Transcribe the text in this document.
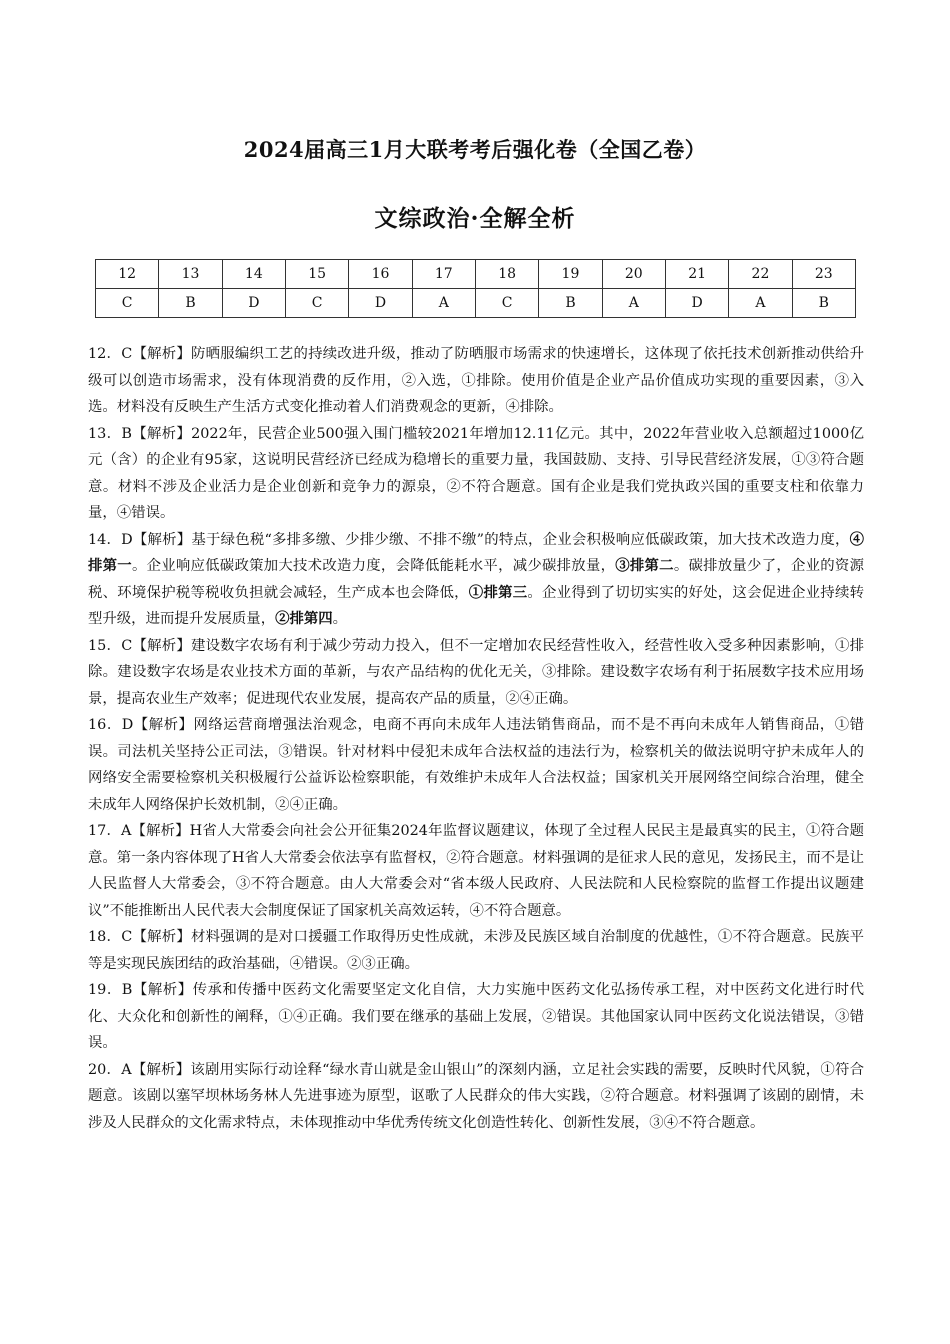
2024届高三1月大联考考后强化卷（全国乙卷）
文综政治·全解全析
12	13	14	15	16	17	18	19	20	21	22	23
C	B	D	C	D	A	C	B	A	D	A	B

12．C【解析】防晒服编织工艺的持续改进升级，推动了防晒服市场需求的快速增长，这体现了依托技术创新推动供给升级可以创造市场需求，没有体现消费的反作用，②入选，①排除。使用价值是企业产品价值成功实现的重要因素，③入选。材料没有反映生产生活方式变化推动着人们消费观念的更新，④排除。

13．B【解析】2022年，民营企业500强入围门槛较2021年增加12.11亿元。其中，2022年营业收入总额超过1000亿元（含）的企业有95家，这说明民营经济已经成为稳增长的重要力量，我国鼓励、支持、引导民营经济发展，①③符合题意。材料不涉及企业活力是企业创新和竞争力的源泉，②不符合题意。国有企业是我们党执政兴国的重要支柱和依靠力量，④错误。

14．D【解析】基于绿色税“多排多缴、少排少缴、不排不缴”的特点，企业会积极响应低碳政策，加大技术改造力度，④排第一。企业响应低碳政策加大技术改造力度，会降低能耗水平，减少碳排放量，③排第二。碳排放量少了，企业的资源税、环境保护税等税收负担就会减轻，生产成本也会降低，①排第三。企业得到了切切实实的好处，这会促进企业持续转型升级，进而提升发展质量，②排第四。

15．C【解析】建设数字农场有利于减少劳动力投入，但不一定增加农民经营性收入，经营性收入受多种因素影响，①排除。建设数字农场是农业技术方面的革新，与农产品结构的优化无关，③排除。建设数字农场有利于拓展数字技术应用场景，提高农业生产效率；促进现代农业发展，提高农产品的质量，②④正确。

16．D【解析】网络运营商增强法治观念，电商不再向未成年人违法销售商品，而不是不再向未成年人销售商品，①错误。司法机关坚持公正司法，③错误。针对材料中侵犯未成年合法权益的违法行为，检察机关的做法说明守护未成年人的网络安全需要检察机关积极履行公益诉讼检察职能，有效维护未成年人合法权益；国家机关开展网络空间综合治理，健全未成年人网络保护长效机制，②④正确。

17．A【解析】H省人大常委会向社会公开征集2024年监督议题建议，体现了全过程人民民主是最真实的民主，①符合题意。第一条内容体现了H省人大常委会依法享有监督权，②符合题意。材料强调的是征求人民的意见，发扬民主，而不是让人民监督人大常委会，③不符合题意。由人大常委会对“省本级人民政府、人民法院和人民检察院的监督工作提出议题建议”不能推断出人民代表大会制度保证了国家机关高效运转，④不符合题意。

18．C【解析】材料强调的是对口援疆工作取得历史性成就，未涉及民族区域自治制度的优越性，①不符合题意。民族平等是实现民族团结的政治基础，④错误。②③正确。

19．B【解析】传承和传播中医药文化需要坚定文化自信，大力实施中医药文化弘扬传承工程，对中医药文化进行时代化、大众化和创新性的阐释，①④正确。我们要在继承的基础上发展，②错误。其他国家认同中医药文化说法错误，③错误。

20．A【解析】该剧用实际行动诠释“绿水青山就是金山银山”的深刻内涵，立足社会实践的需要，反映时代风貌，①符合题意。该剧以塞罕坝林场务林人先进事迹为原型，讴歌了人民群众的伟大实践，②符合题意。材料强调了该剧的剧情，未涉及人民群众的文化需求特点，未体现推动中华优秀传统文化创造性转化、创新性发展，③④不符合题意。
